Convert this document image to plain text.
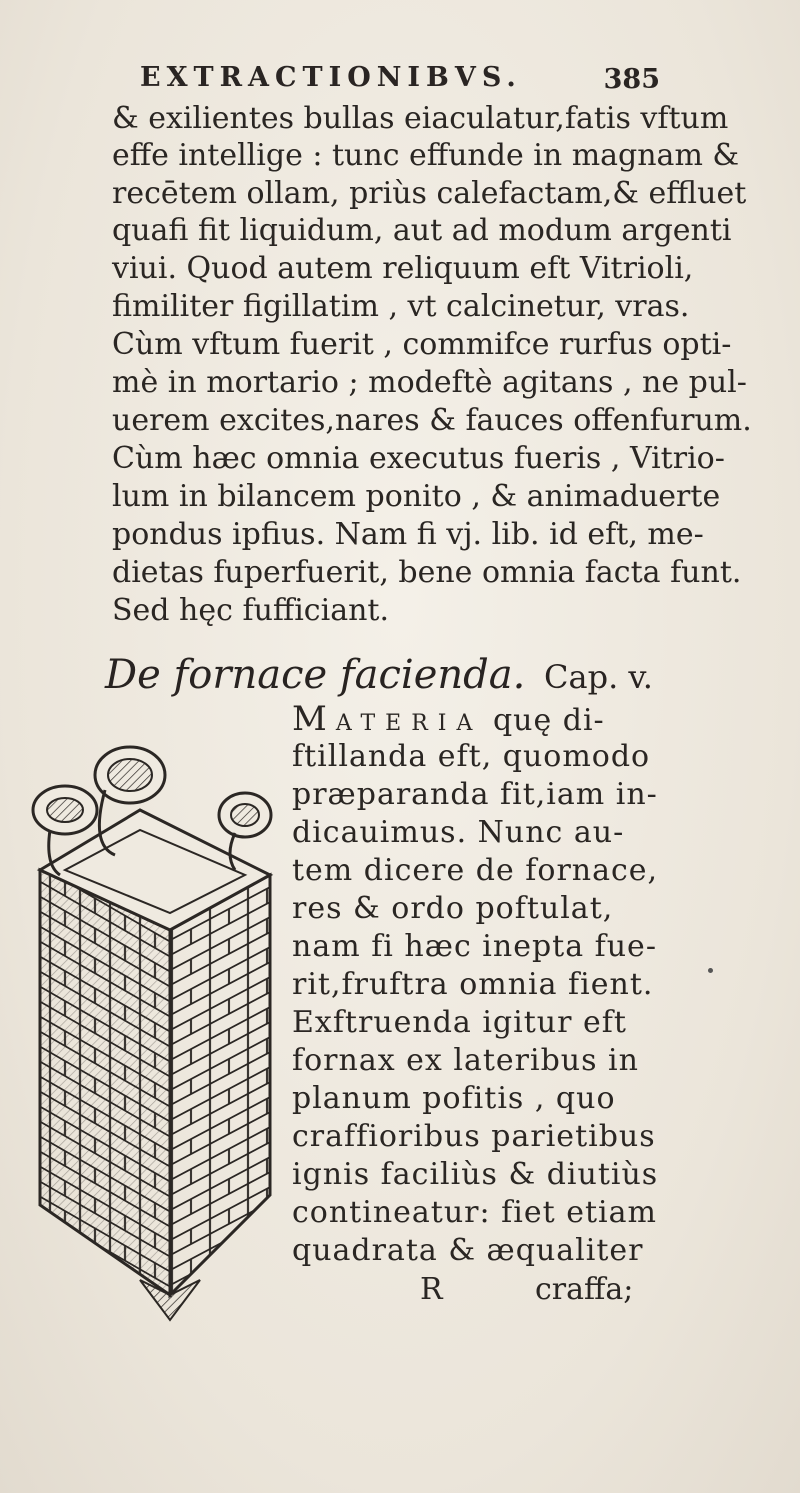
EXTRACTIONIBVS.	385
& exilientes bullas eiaculatur,fatis vftum
effe intellige : tunc effunde in magnam &
recētem ollam, priùs calefactam,& effluet
quafi fit liquidum, aut ad modum argenti
viui. Quod autem reliquum eft Vitrioli,
fimiliter figillatim , vt calcinetur, vras.
Cùm vftum fuerit , commifce rurfus opti-
mè in mortario ; modeftè agitans , ne pul-
uerem excites,nares & fauces offenfurum.
Cùm hæc omnia executus fueris , Vitrio-
lum in bilancem ponito , & animaduerte
pondus ipfius. Nam fi vj. lib. id eft, me-
dietas fuperfuerit, bene omnia facta funt.
Sed hęc fufficiant.
De fornace facienda. Cap. v.
MATERIA quę di-
ftillanda eft, quomodo
præparanda fit,iam in-
dicauimus. Nunc au-
tem dicere de fornace,
res & ordo poftulat,
nam fi hæc inepta fue-
rit,fruftra omnia fient.
Exftruenda igitur eft
fornax ex lateribus in
planum pofitis , quo
craffioribus parietibus
ignis faciliùs & diutiùs
contineatur: fiet etiam
quadrata & æqualiter
R	craffa;
